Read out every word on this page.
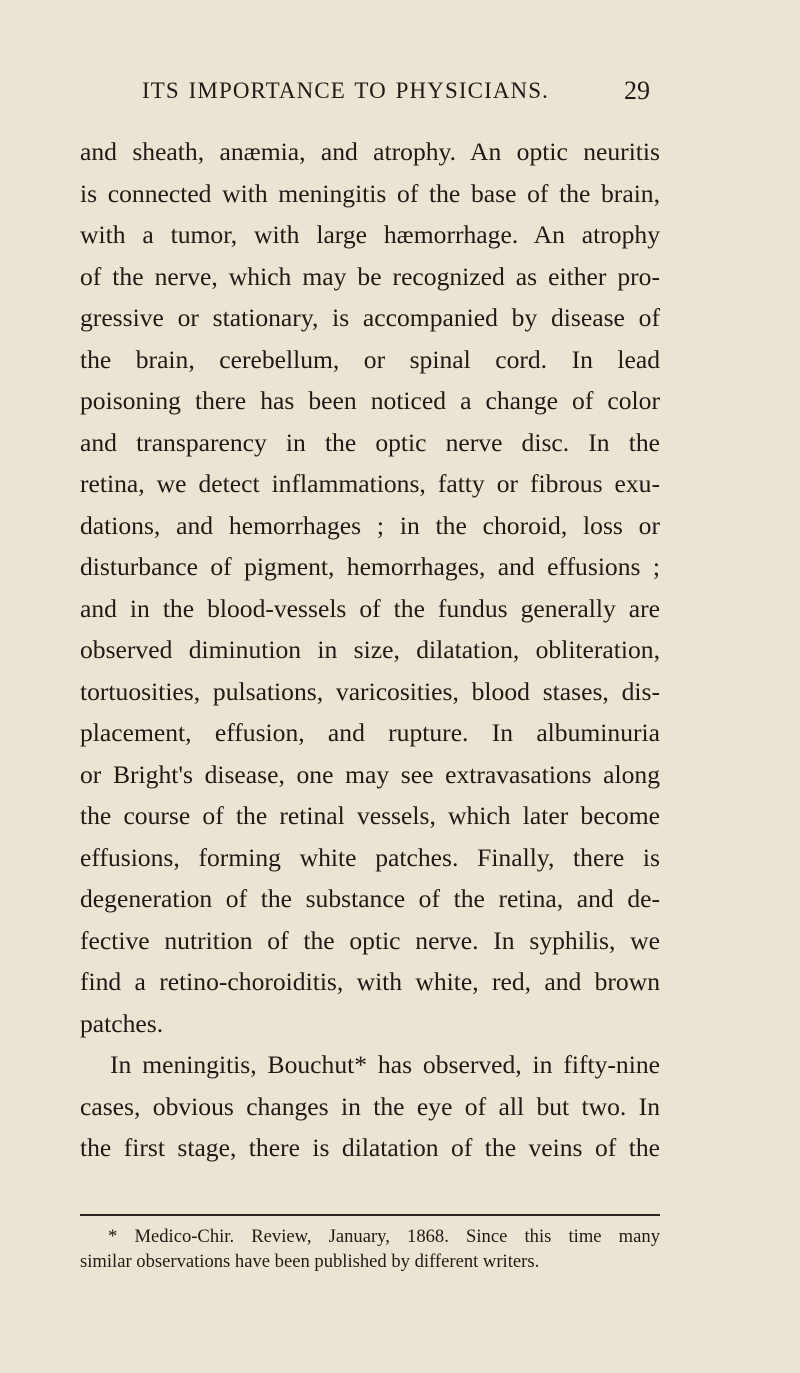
ITS IMPORTANCE TO PHYSICIANS.	29
and sheath, anæmia, and atrophy. An optic neuritis
is connected with meningitis of the base of the brain,
with a tumor, with large hæmorrhage. An atrophy
of the nerve, which may be recognized as either pro-
gressive or stationary, is accompanied by disease of
the brain, cerebellum, or spinal cord. In lead
poisoning there has been noticed a change of color
and transparency in the optic nerve disc. In the
retina, we detect inflammations, fatty or fibrous exu-
dations, and hemorrhages ; in the choroid, loss or
disturbance of pigment, hemorrhages, and effusions ;
and in the blood-vessels of the fundus generally are
observed diminution in size, dilatation, obliteration,
tortuosities, pulsations, varicosities, blood stases, dis-
placement, effusion, and rupture. In albuminuria
or Bright's disease, one may see extravasations along
the course of the retinal vessels, which later become
effusions, forming white patches. Finally, there is
degeneration of the substance of the retina, and de-
fective nutrition of the optic nerve. In syphilis, we
find a retino-choroiditis, with white, red, and brown
patches.
In meningitis, Bouchut* has observed, in fifty-nine
cases, obvious changes in the eye of all but two. In
the first stage, there is dilatation of the veins of the
* Medico-Chir. Review, January, 1868. Since this time many
similar observations have been published by different writers.
